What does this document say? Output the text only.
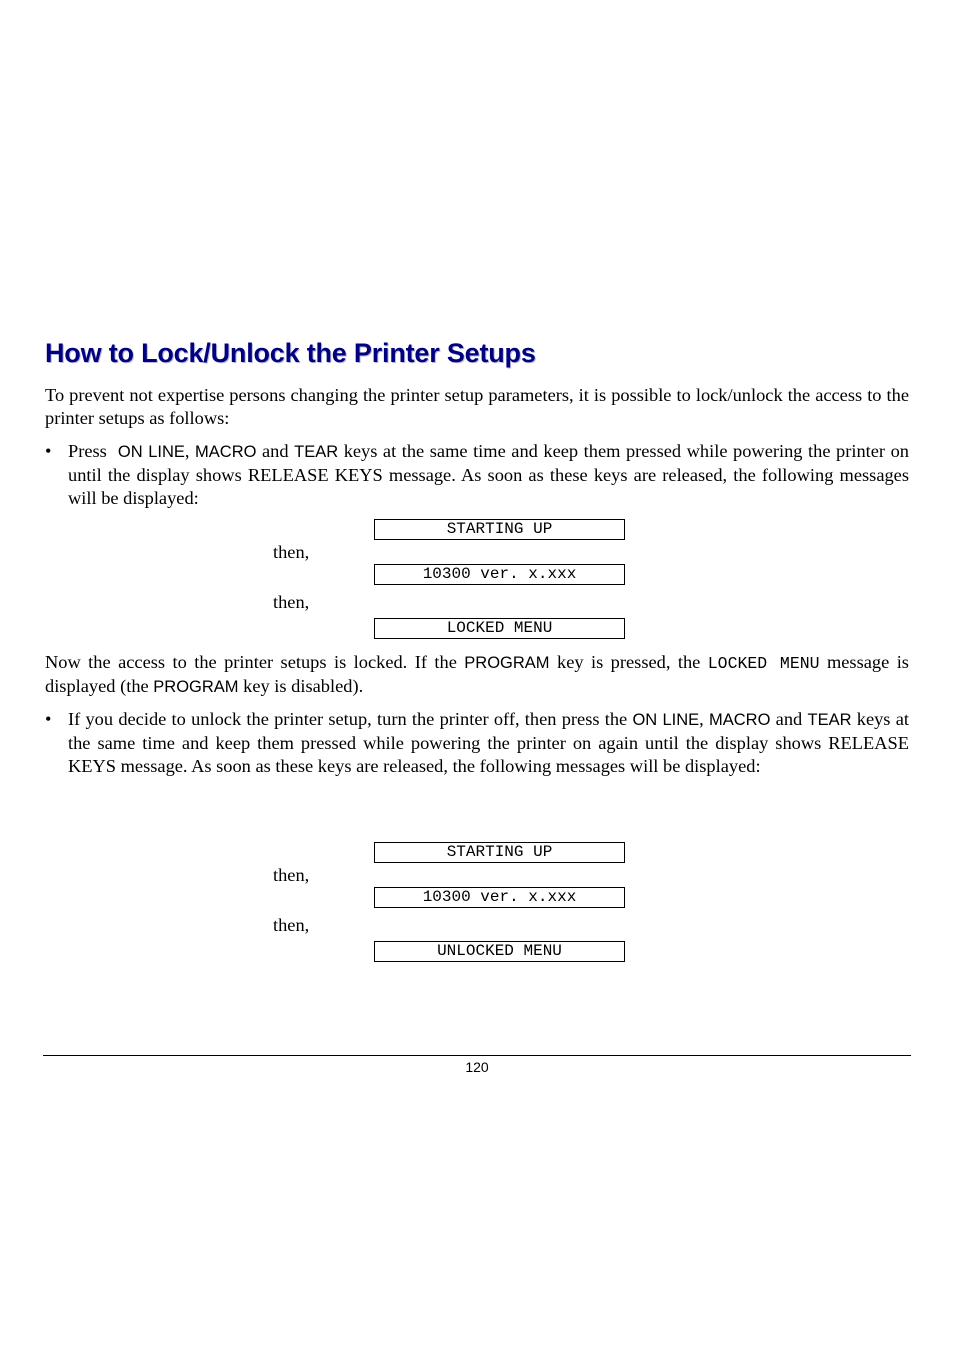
How to Lock/Unlock the Printer Setups

To prevent not expertise persons changing the printer setup parameters, it is possible to lock/unlock the access to the printer setups as follows:

• Press ON LINE, MACRO and TEAR keys at the same time and keep them pressed while powering the printer on until the display shows RELEASE KEYS message. As soon as these keys are released, the following messages will be displayed:
STARTING UP
then,
10300 ver. x.xxx
then,
LOCKED MENU

Now the access to the printer setups is locked. If the PROGRAM key is pressed, the LOCKED MENU message is displayed (the PROGRAM key is disabled).

• If you decide to unlock the printer setup, turn the printer off, then press the ON LINE, MACRO and TEAR keys at the same time and keep them pressed while powering the printer on again until the display shows RELEASE KEYS message. As soon as these keys are released, the following messages will be displayed:
STARTING UP
then,
10300 ver. x.xxx
then,
UNLOCKED MENU
120
